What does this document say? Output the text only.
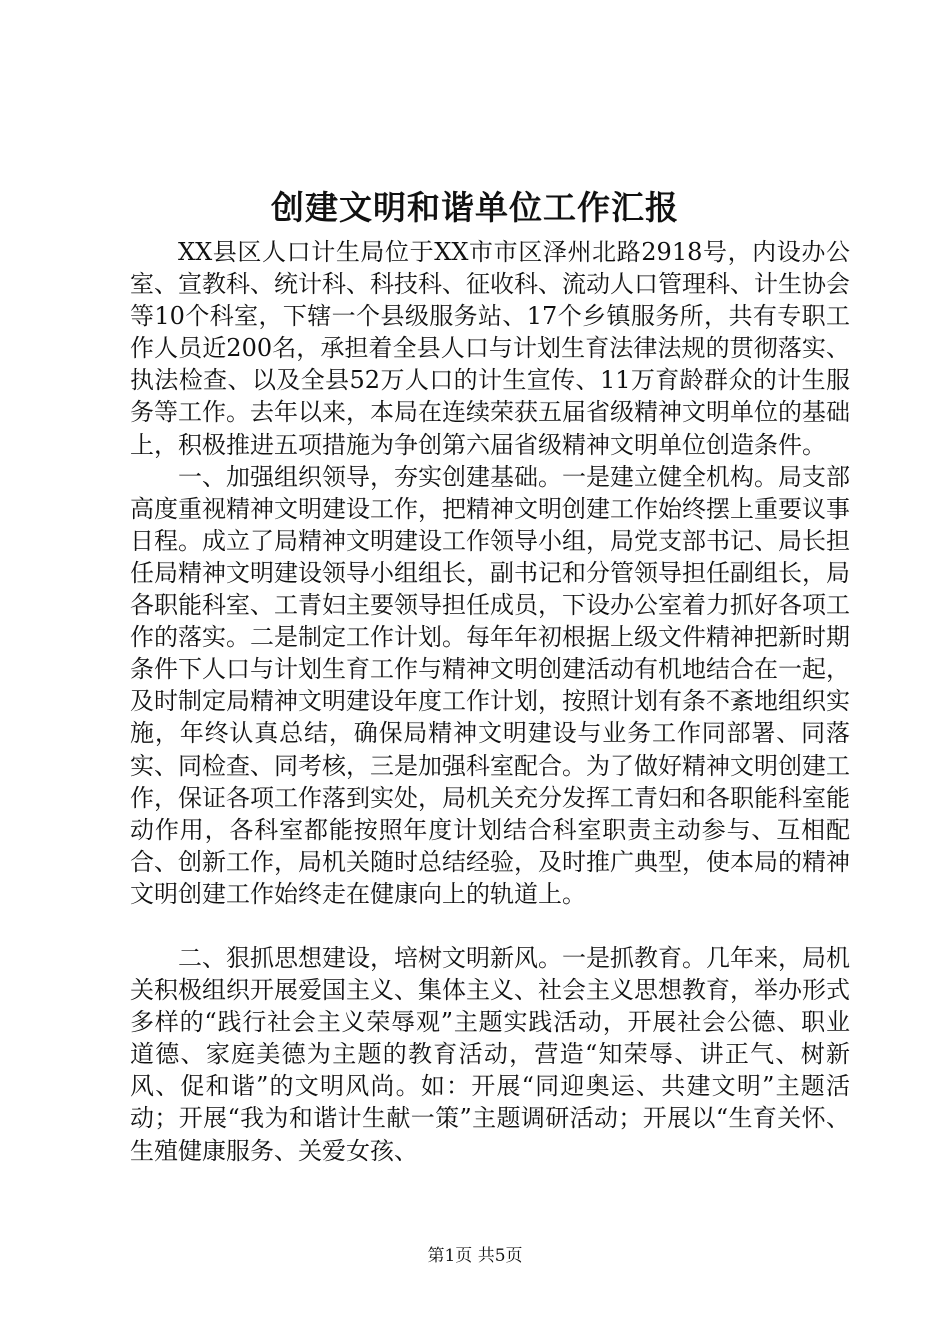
创建文明和谐单位工作汇报

XX县区人口计生局位于XX市市区泽州北路2918号，内设办公室、宣教科、统计科、科技科、征收科、流动人口管理科、计生协会等10个科室，下辖一个县级服务站、17个乡镇服务所，共有专职工作人员近200名，承担着全县人口与计划生育法律法规的贯彻落实、执法检查、以及全县52万人口的计生宣传、11万育龄群众的计生服务等工作。去年以来，本局在连续荣获五届省级精神文明单位的基础上，积极推进五项措施为争创第六届省级精神文明单位创造条件。

一、加强组织领导，夯实创建基础。一是建立健全机构。局支部高度重视精神文明建设工作，把精神文明创建工作始终摆上重要议事日程。成立了局精神文明建设工作领导小组，局党支部书记、局长担任局精神文明建设领导小组组长，副书记和分管领导担任副组长，局各职能科室、工青妇主要领导担任成员，下设办公室着力抓好各项工作的落实。二是制定工作计划。每年年初根据上级文件精神把新时期条件下人口与计划生育工作与精神文明创建活动有机地结合在一起，及时制定局精神文明建设年度工作计划，按照计划有条不紊地组织实施，年终认真总结，确保局精神文明建设与业务工作同部署、同落实、同检查、同考核，三是加强科室配合。为了做好精神文明创建工作，保证各项工作落到实处，局机关充分发挥工青妇和各职能科室能动作用，各科室都能按照年度计划结合科室职责主动参与、互相配合、创新工作，局机关随时总结经验，及时推广典型，使本局的精神文明创建工作始终走在健康向上的轨道上。

二、狠抓思想建设，培树文明新风。一是抓教育。几年来，局机关积极组织开展爱国主义、集体主义、社会主义思想教育，举办形式多样的“践行社会主义荣辱观”主题实践活动，开展社会公德、职业道德、家庭美德为主题的教育活动，营造“知荣辱、讲正气、树新风、促和谐”的文明风尚。如：开展“同迎奥运、共建文明”主题活动；开展“我为和谐计生献一策”主题调研活动；开展以“生育关怀、生殖健康服务、关爱女孩、

第1页 共5页
